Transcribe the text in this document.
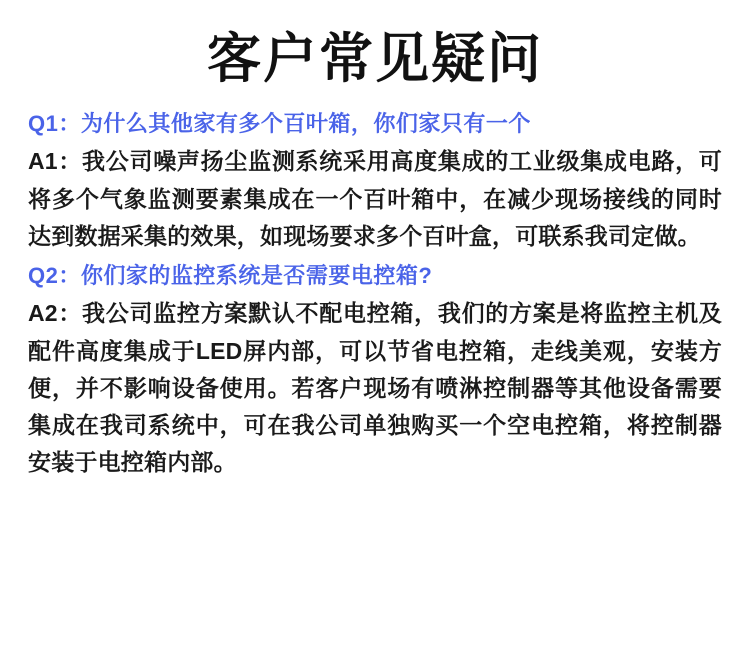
客户常见疑问

Q1：为什么其他家有多个百叶箱，你们家只有一个

A1：我公司噪声扬尘监测系统采用高度集成的工业级集成电路，可将多个气象监测要素集成在一个百叶箱中，在减少现场接线的同时达到数据采集的效果，如现场要求多个百叶盒，可联系我司定做。

Q2：你们家的监控系统是否需要电控箱?

A2：我公司监控方案默认不配电控箱，我们的方案是将监控主机及配件高度集成于LED屏内部，可以节省电控箱，走线美观，安装方便，并不影响设备使用。若客户现场有喷淋控制器等其他设备需要集成在我司系统中，可在我公司单独购买一个空电控箱，将控制器安装于电控箱内部。
